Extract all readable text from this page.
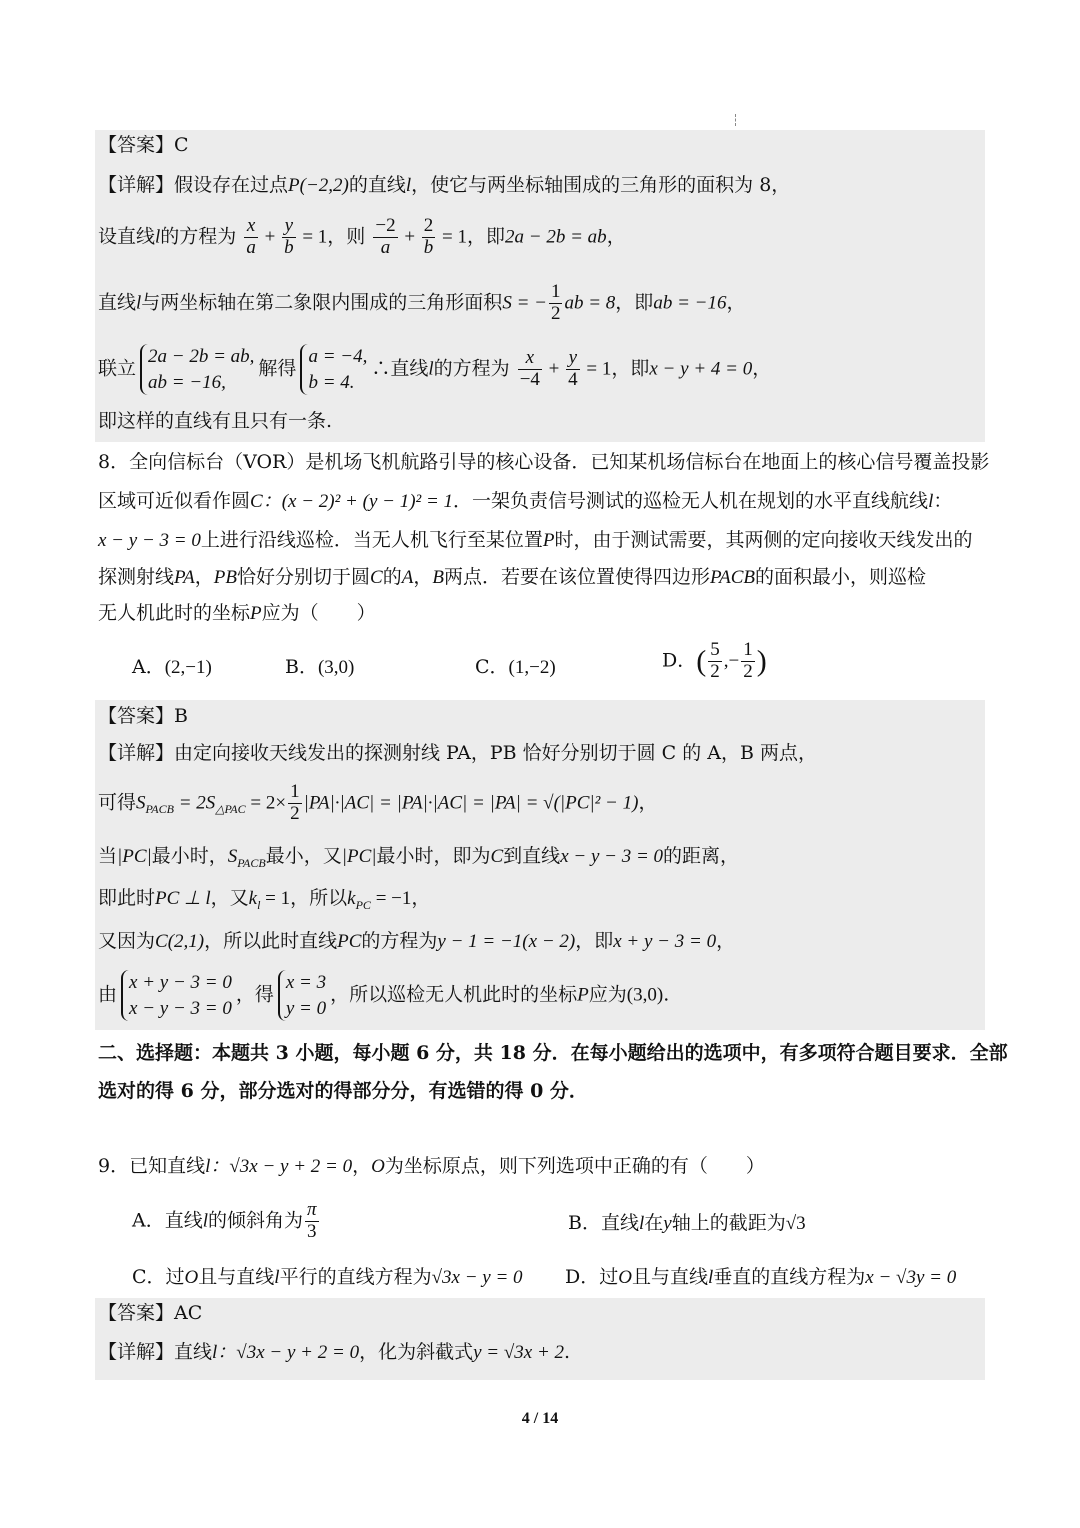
【答案】C
【详解】假设存在过点P(−2,2)的直线l，使它与两坐标轴围成的三角形的面积为 8，
设直线l的方程为 $\frac{x}{a} + \frac{y}{b} = 1$，则 $\frac{-2}{a} + \frac{2}{b} = 1$，即2a − 2b = ab，
直线l与两坐标轴在第二象限内围成的三角形面积S = − $\frac{1}{2}$ ab = 8，即ab = −16，
联立
2a − 2b = ab,
ab = −16,
解得
a = −4,
b = 4.
∴直线l的方程为 $\frac{x}{-4} + \frac{y}{4} = 1$，即x − y + 4 = 0，
即这样的直线有且只有一条.
8．全向信标台（VOR）是机场飞机航路引导的核心设备．已知某机场信标台在地面上的核心信号覆盖投影
区域可近似看作圆C：(x − 2)² + (y − 1)² = 1．一架负责信号测试的巡检无人机在规划的水平直线航线l：
x − y − 3 = 0上进行沿线巡检．当无人机飞行至某位置P时，由于测试需要，其两侧的定向接收天线发出的
探测射线PA，PB恰好分别切于圆C的A，B两点．若要在该位置使得四边形PACB的面积最小，则巡检
无人机此时的坐标P应为（　　）
A．(2,−1)	B．(3,0)	C．(1,−2)	D．( $\frac{5}{2}$ ,− $\frac{1}{2}$ )
【答案】B
【详解】由定向接收天线发出的探测射线 PA，PB 恰好分别切于圆 C 的 A，B 两点，
可得$S_{PACB} = 2S_{\triangle PAC} = 2\times \frac{1}{2} |PA|\cdot|AC| = |PA|\cdot|AC| = |PA| = √(|PC|^2 - 1)$，
当|PC|最小时，$S_{PACB}$最小，又|PC|最小时，即为C到直线x − y − 3 = 0的距离，
即此时PC ⊥ l，又$k_l = 1$，所以$k_{PC} = -1$，
又因为C(2,1)，所以此时直线PC的方程为y − 1 = −1(x − 2)，即x + y − 3 = 0，
由
x + y − 3 = 0
x − y − 3 = 0
，得
x = 3
y = 0
，所以巡检无人机此时的坐标P应为(3,0).
二、选择题：本题共 3 小题，每小题 6 分，共 18 分．在每小题给出的选项中，有多项符合题目要求．全部
选对的得 6 分，部分选对的得部分分，有选错的得 0 分．
9．已知直线l：√3x − y + 2 = 0，O为坐标原点，则下列选项中正确的有（　　）
A．直线l的倾斜角为 $\frac{\pi}{3}$	B．直线l在y轴上的截距为√3
C．过O且与直线l平行的直线方程为√3x − y = 0 D．过O且与直线l垂直的直线方程为x − √3y = 0
【答案】AC
【详解】直线l：√3x − y + 2 = 0，化为斜截式y = √3x + 2.
4 / 14
